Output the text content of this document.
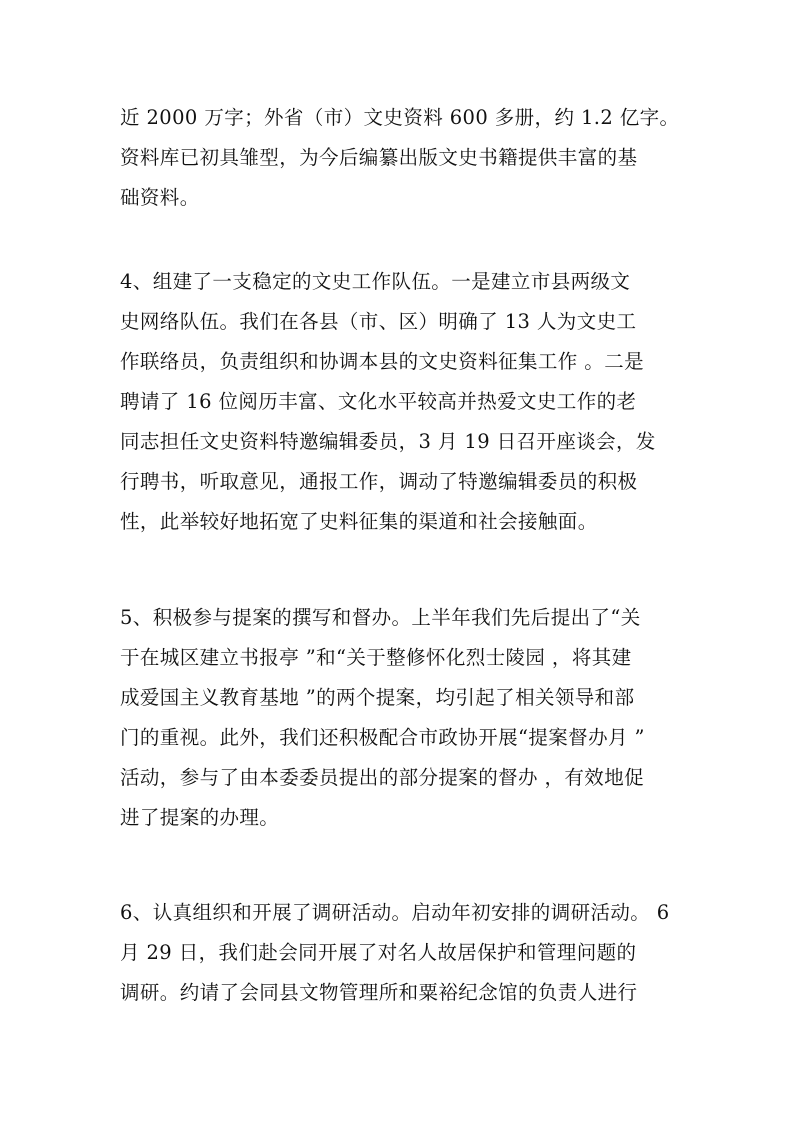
近 2000 万字；外省（市）文史资料 600 多册，约 1.2 亿字。
资料库已初具雏型，为今后编纂出版文史书籍提供丰富的基
础资料。
4、组建了一支稳定的文史工作队伍。一是建立市县两级文
史网络队伍。我们在各县（市、区）明确了 13 人为文史工
作联络员，负责组织和协调本县的文史资料征集工作 。二是
聘请了 16 位阅历丰富、文化水平较高并热爱文史工作的老
同志担任文史资料特邀编辑委员，3 月 19 日召开座谈会，发
行聘书，听取意见，通报工作，调动了特邀编辑委员的积极
性，此举较好地拓宽了史料征集的渠道和社会接触面。
5、积极参与提案的撰写和督办。上半年我们先后提出了“关
于在城区建立书报亭 ”和“关于整修怀化烈士陵园 ，将其建
成爱国主义教育基地 ”的两个提案，均引起了相关领导和部
门的重视。此外，我们还积极配合市政协开展“提案督办月 ”
活动，参与了由本委委员提出的部分提案的督办 ，有效地促
进了提案的办理。
6、认真组织和开展了调研活动。启动年初安排的调研活动。 6
月 29 日，我们赴会同开展了对名人故居保护和管理问题的
调研。约请了会同县文物管理所和粟裕纪念馆的负责人进行
